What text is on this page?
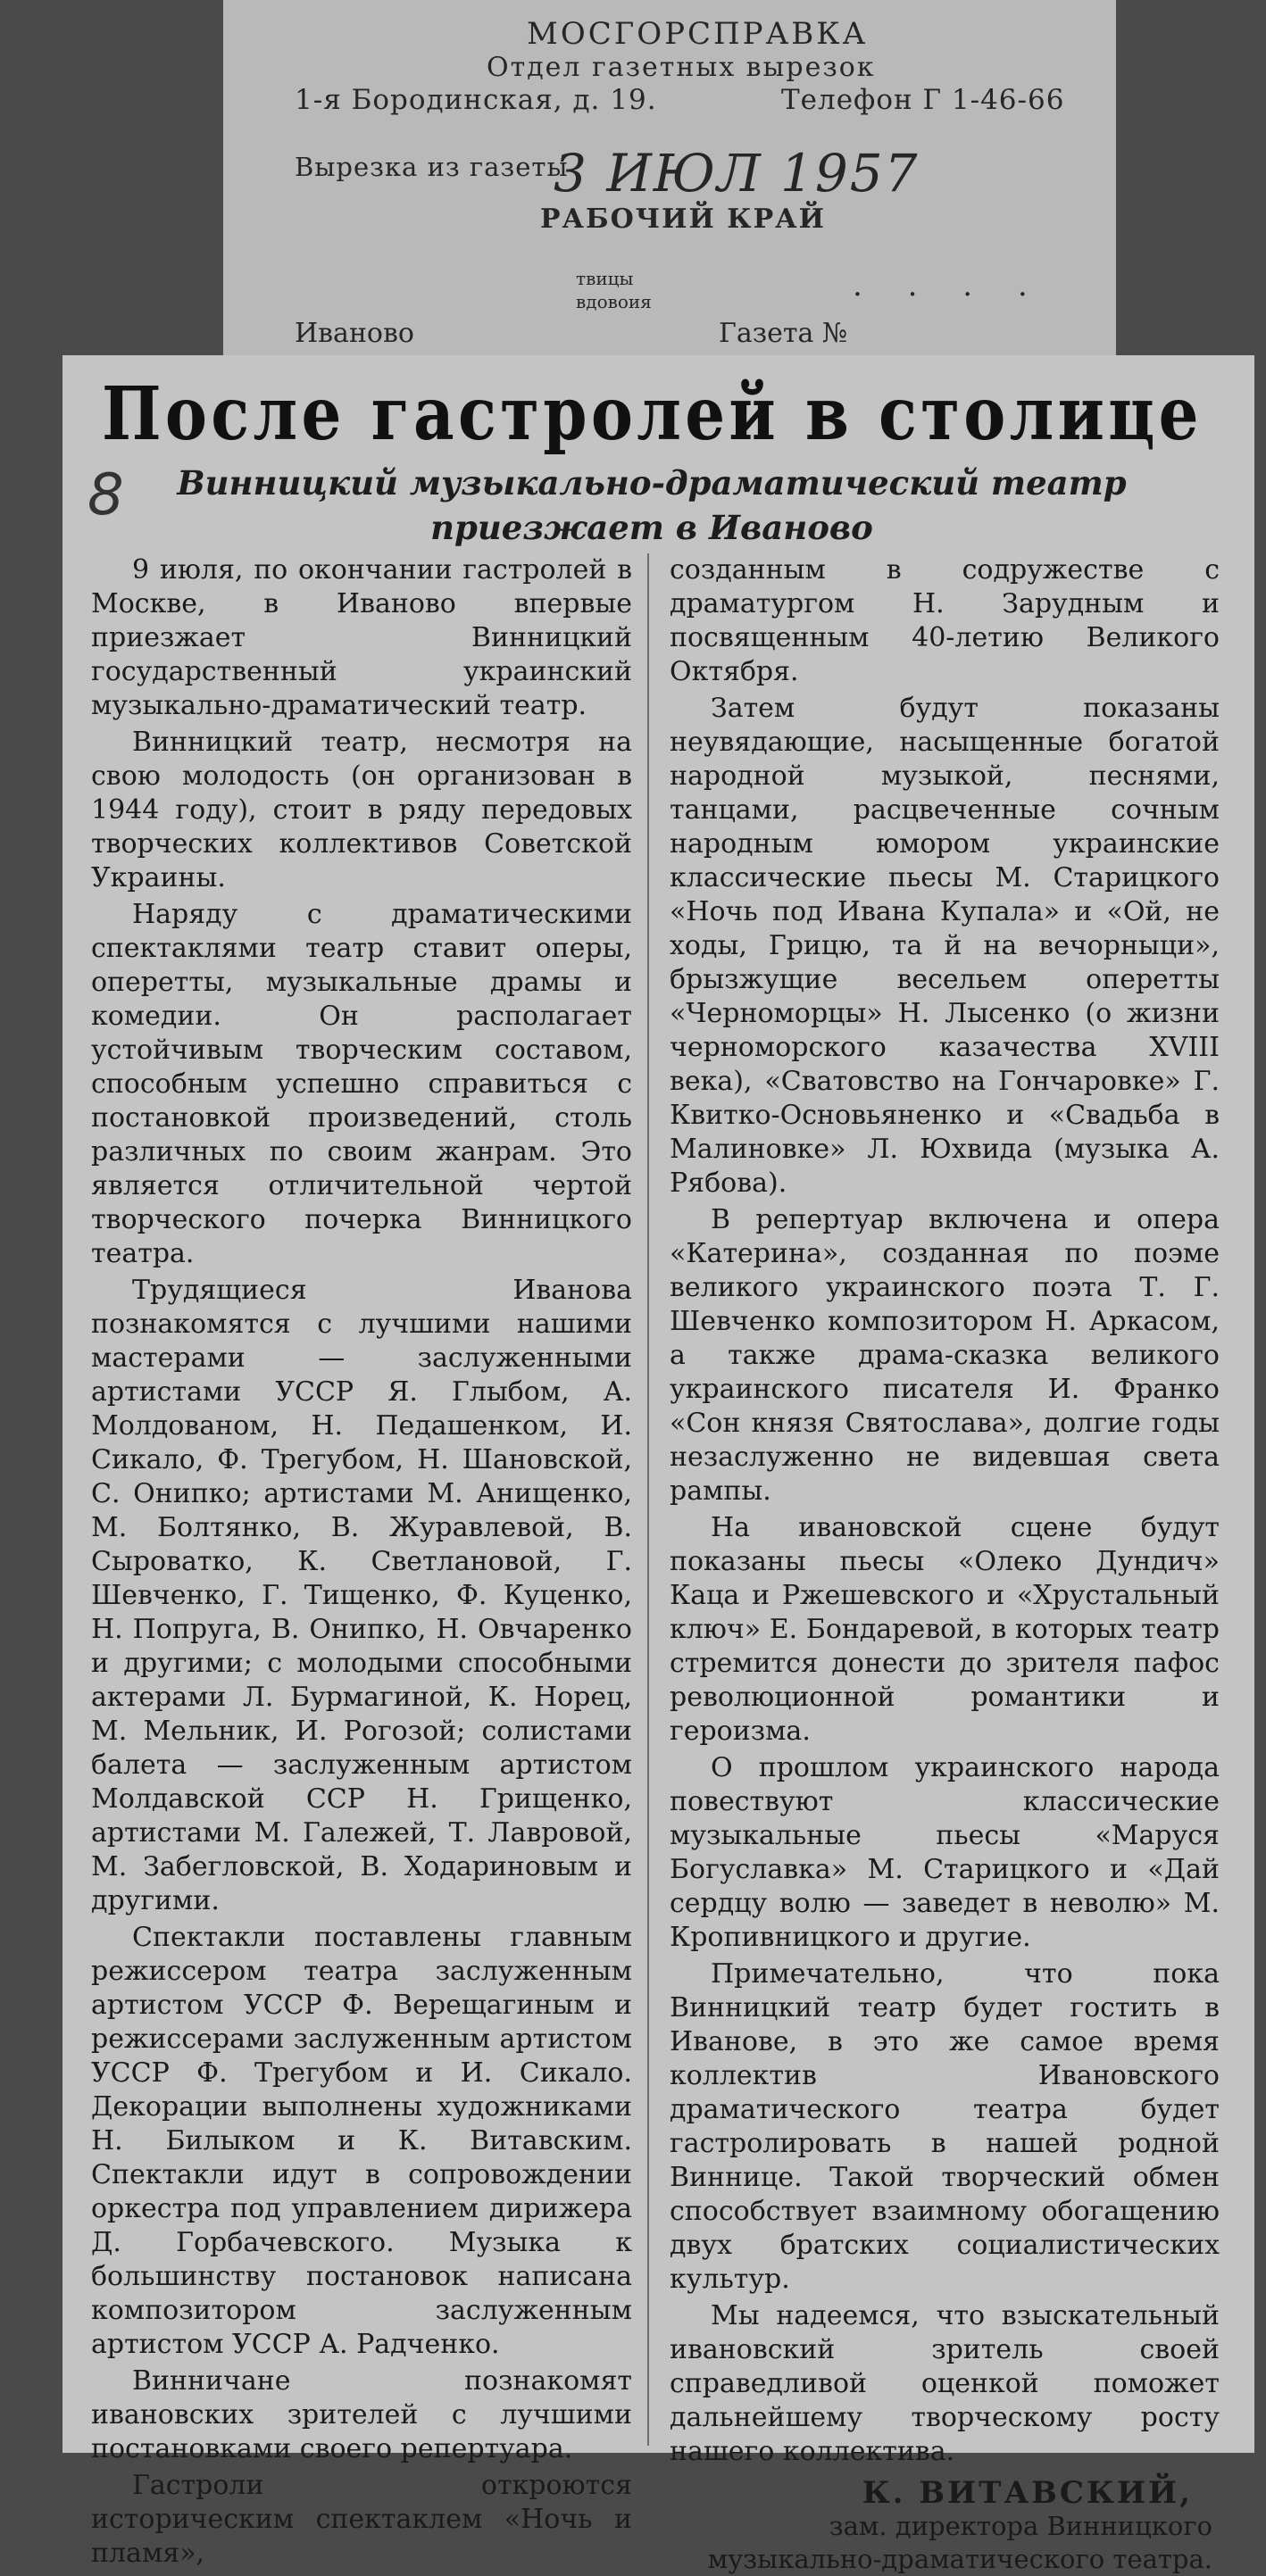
МОСГОРСПРАВКА
Отдел газетных вырезок
1-я Бородинская, д. 19.	Телефон Г 1-46-66
Вырезка из газеты
3 ИЮЛ 1957
РАБОЧИЙ КРАЙ
твицы
вдовоия	. . . .
Иваново	Газета №
После гастролей в столице
8	Винницкий музыкально-драматический театр приезжает в Иваново

9 июля, по окончании гастролей в Москве, в Иваново впервые приезжает Винницкий государственный украинский музыкально-драматический театр.

Винницкий театр, несмотря на свою молодость (он организован в 1944 году), стоит в ряду передовых творческих коллективов Советской Украины.

Наряду с драматическими спектаклями театр ставит оперы, оперетты, музыкальные драмы и комедии. Он располагает устойчивым творческим составом, способным успешно справиться с постановкой произведений, столь различных по своим жанрам. Это является отличительной чертой творческого почерка Винницкого театра.

Трудящиеся Иванова познакомятся с лучшими нашими мастерами — заслуженными артистами УССР Я. Глыбом, А. Молдованом, Н. Педашенком, И. Сикало, Ф. Трегубом, Н. Шановской, С. Онипко; артистами М. Анищенко, М. Болтянко, В. Журавлевой, В. Сыроватко, К. Светлановой, Г. Шевченко, Г. Тищенко, Ф. Куценко, Н. Попруга, В. Онипко, Н. Овчаренко и другими; с молодыми способными актерами Л. Бурмагиной, К. Норец, М. Мельник, И. Рогозой; солистами балета — заслуженным артистом Молдавской ССР Н. Грищенко, артистами М. Галежей, Т. Лавровой, М. Забегловской, В. Ходариновым и другими.

Спектакли поставлены главным режиссером театра заслуженным артистом УССР Ф. Верещагиным и режиссерами заслуженным артистом УССР Ф. Трегубом и И. Сикало. Декорации выполнены художниками Н. Билыком и К. Витавским. Спектакли идут в сопровождении оркестра под управлением дирижера Д. Горбачевского. Музыка к большинству постановок написана композитором заслуженным артистом УССР А. Радченко.

Винничане познакомят ивановских зрителей с лучшими постановками своего репертуара.

Гастроли откроются историческим спектаклем «Ночь и пламя»,

созданным в содружестве с драматургом Н. Зарудным и посвященным 40-летию Великого Октября.

Затем будут показаны неувядающие, насыщенные богатой народной музыкой, песнями, танцами, расцвеченные сочным народным юмором украинские классические пьесы М. Старицкого «Ночь под Ивана Купала» и «Ой, не ходы, Грицю, та й на вечорныци», брызжущие весельем оперетты «Черноморцы» Н. Лысенко (о жизни черноморского казачества XVIII века), «Сватовство на Гончаровке» Г. Квитко-Основьяненко и «Свадьба в Малиновке» Л. Юхвида (музыка А. Рябова).

В репертуар включена и опера «Катерина», созданная по поэме великого украинского поэта Т. Г. Шевченко композитором Н. Аркасом, а также драма-сказка великого украинского писателя И. Франко «Сон князя Святослава», долгие годы незаслуженно не видевшая света рампы.

На ивановской сцене будут показаны пьесы «Олеко Дундич» Каца и Ржешевского и «Хрустальный ключ» Е. Бондаревой, в которых театр стремится донести до зрителя пафос революционной романтики и героизма.

О прошлом украинского народа повествуют классические музыкальные пьесы «Маруся Богуславка» М. Старицкого и «Дай сердцу волю — заведет в неволю» М. Кропивницкого и другие.

Примечательно, что пока Винницкий театр будет гостить в Иванове, в это же самое время коллектив Ивановского драматического театра будет гастролировать в нашей родной Виннице. Такой творческий обмен способствует взаимному обогащению двух братских социалистических культур.

Мы надеемся, что взыскательный ивановский зритель своей справедливой оценкой поможет дальнейшему творческому росту нашего коллектива.

К. ВИТАВСКИЙ,
зам. директора Винницкого музыкально-драматического театра.
